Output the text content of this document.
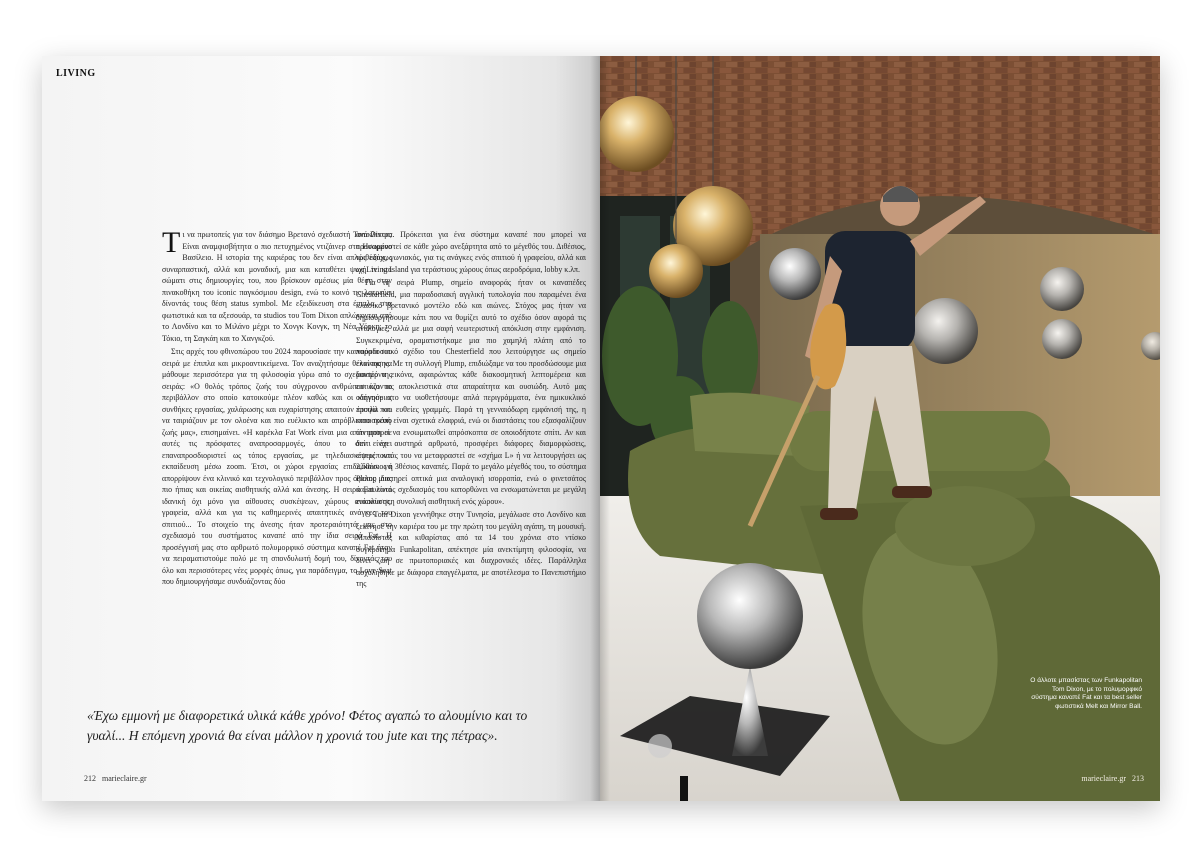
LIVING

Τι να πρωτοπείς για τον διάσημο Βρετανό σχεδιαστή Tom Dixon; Είναι αναμφισβήτητα ο πιο πετυχημένος ντιζάινερ στο Ηνωμένο Βασίλειο. Η ιστορία της καριέρας του δεν είναι απλώς εξόχως συναρπαστική, αλλά και μοναδική, μια και καταθέτει ψυχή τε και σώματι στις δημιουργίες του, που βρίσκουν αμέσως μία θέση στην πινακοθήκη του iconic παγκόσμιου design, ενώ το κοινό τις λατρεύει δίνοντάς τους θέση status symbol. Με εξειδίκευση στα έπιπλα, στα φωτιστικά και τα αξεσουάρ, τα studios του Tom Dixon απλώνονται από το Λονδίνο και το Μιλάνο μέχρι το Χονγκ Κονγκ, τη Νέα Υόρκη, το Τόκιο, τη Σαγκάη και το Χανγκζού.

Στις αρχές του φθινοπώρου του 2024 παρουσίασε την καινούρια του σειρά με έπιπλα και μικροαντικείμενα. Τον αναζητήσαμε θέλοντας να μάθουμε περισσότερα για τη φιλοσοφία γύρω από το σχεδιασμό της σειράς: «Ο θολός τρόπος ζωής του σύγχρονου ανθρώπου και το περιβάλλον στο οποίο κατοικούμε πλέον καθώς και οι καινούριες συνθήκες εργασίας, χαλάρωσης και ευχαρίστησης απαιτούν έπιπλα που να ταιριάζουν με τον ολοένα και πιο ευέλικτο και απρόβλεπτο τρόπο ζωής μας», επισημαίνει. «Η καρέκλα Fat Work είναι μια απάντηση σε αυτές τις πρόσφατες αναπροσαρμογές, όπου το σπίτι έχει επαναπροσδιοριστεί ως τόπος εργασίας, με τηλεδιασκέψεις και εκπαίδευση μέσω zoom. Έτσι, οι χώροι εργασίας επιδιώκουν να απορρίψουν ένα κλινικό και τεχνολογικό περιβάλλον προς όφελος μιας πιο ήπιας και οικείας αισθητικής αλλά και άνεσης. Η σειρά Fat είναι ιδανική όχι μόνο για αίθουσες συσκέψεων, χώρους ανάπαυσης, γραφεία, αλλά και για τις καθημερινές απαιτητικές ανάγκες του σπιτιού... Το στοιχείο της άνεσης ήταν προτεραιότητά μας στο σχεδιασμό του συστήματος καναπέ από την ίδια σειρά Fat. Η προσέγγισή μας στο αρθρωτό πολυμορφικό σύστημα καναπέ Fat ήταν να πειραματιστούμε πολύ με τη σπονδυλωτή δομή του, δίνοντάς του όλο και περισσότερες νέες μορφές όπως, για παράδειγμα, το Love Seat που δημιουργήσαμε συνδυάζοντας δύο

ανάκλιντρα. Πρόκειται για ένα σύστημα καναπέ που μπορεί να προσαρμοστεί σε κάθε χώρο ανεξάρτητα από το μέγεθός του. Διθέσιος, τριθέσιος, γωνιακός, για τις ανάγκες ενός σπιτιού ή γραφείου, αλλά και ως Living Island για τεράστιους χώρους όπως αεροδρόμια, lobby κ.λπ.

Για τη σειρά Plump, σημείο αναφοράς ήταν οι καναπέδες Chesterfield, μια παραδοσιακή αγγλική τυπολογία που παραμένει ένα κλασικό βρετανικό μοντέλο εδώ και αιώνες. Στόχος μας ήταν να δημιουργήσουμε κάτι που να θυμίζει αυτό το σχέδιο όσον αφορά τις αναλογίες, αλλά με μια σαφή νεωτεριστική απόκλιση στην εμφάνιση. Συγκεκριμένα, οραματιστήκαμε μια πιο χαμηλή πλάτη από το παραδοσιακό σχέδιο του Chesterfield που λειτούργησε ως σημείο εκκίνησης. Με τη συλλογή Plump, επιδιώξαμε να του προσδώσουμε μια μοντέρνα εικόνα, αφαιρώντας κάθε διακοσμητική λεπτομέρεια και εστιάζοντας αποκλειστικά στα απαραίτητα και ουσιώδη. Αυτό μας οδήγησε στο να υιοθετήσουμε απλά περιγράμματα, ένα ημικυκλικό προφίλ και ευθείες γραμμές. Παρά τη γενναιόδωρη εμφάνισή της, η κατασκευή είναι σχετικά ελαφριά, ενώ οι διαστάσεις του εξασφαλίζουν ότι μπορεί να ενσωματωθεί απρόσκοπτα σε οποιοδήποτε σπίτι. Αν και δεν είναι αυστηρά αρθρωτό, προσφέρει διάφορες διαμορφώσεις, επιτρέποντάς του να μεταφραστεί σε «σχήμα L» ή να λειτουργήσει ως 2,5θέσιος ή 3θέσιος καναπές. Παρά το μεγάλο μέγεθός του, το σύστημα Plump διατηρεί οπτικά μια αναλογική ισορροπία, ενώ ο φινετσάτος καμπυλωτός σχεδιασμός του κατορθώνει να ενσωματώνεται με μεγάλη ευκολία στη συνολική αισθητική ενός χώρου».

Ο Tom Dixon γεννήθηκε στην Τυνησία, μεγάλωσε στο Λονδίνο και ξεκίνησε την καριέρα του με την πρώτη του μεγάλη αγάπη, τη μουσική. Μπασίστας και κιθαρίστας από τα 14 του χρόνια στο ντίσκο συγκρότημα Funkapolitan, απέκτησε μία ανεκτίμητη φιλοσοφία, να δίνει ζωή σε πρωτοποριακές και διαχρονικές ιδέες. Παράλληλα ασχολήθηκε με διάφορα επαγγέλματα, με αποτέλεσμα το Πανεπιστήμιο της

«Έχω εμμονή με διαφορετικά υλικά κάθε χρόνο! Φέτος αγαπώ το αλουμίνιο και το γυαλί... Η επόμενη χρονιά θα είναι μάλλον η χρονιά του jute και της πέτρας».
212 marieclaire.gr
Ο άλλοτε μπασίστας των Funkapolitan Tom Dixon, με το πολυμορφικό σύστημα καναπέ Fat και τα best seller φωτιστικά Melt και Mirror Ball.
marieclaire.gr 213
